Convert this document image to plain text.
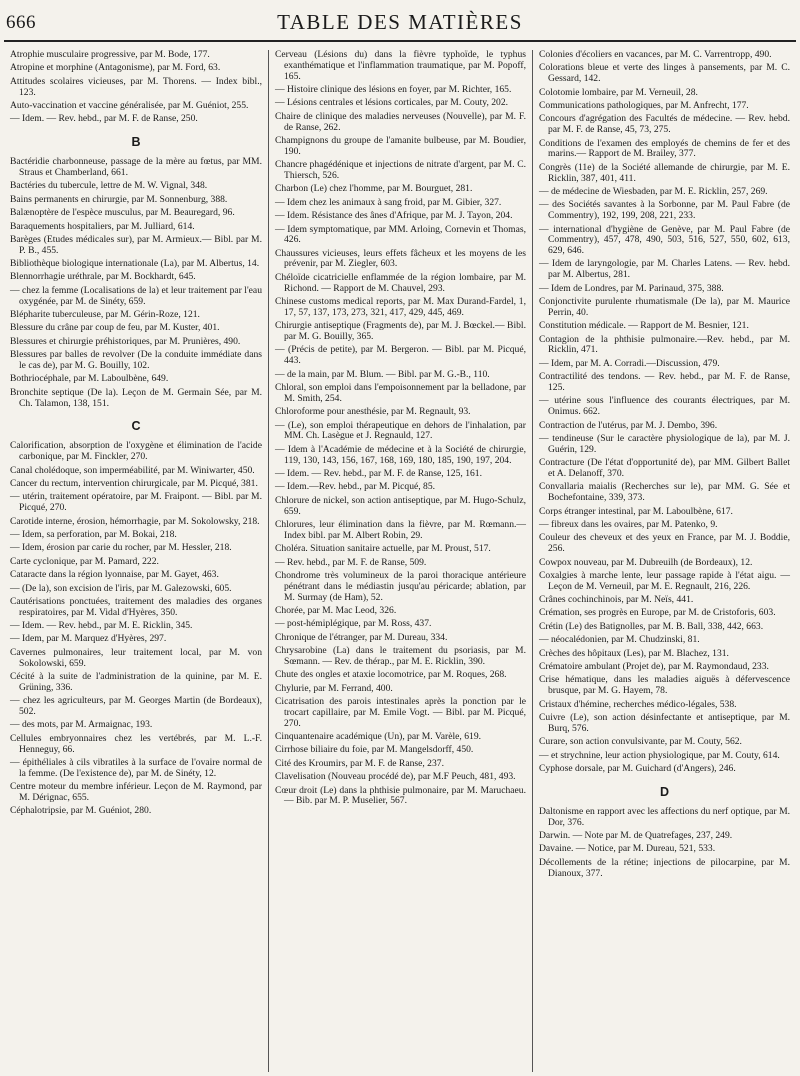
666	TABLE DES MATIÈRES
Atrophie musculaire progressive, par M. Bode, 177.
Atropine et morphine (Antagonisme), par M. Ford, 63.
Attitudes scolaires vicieuses, par M. Thorens. — Index bibl., 123.
Auto-vaccination et vaccine généralisée, par M. Guéniot, 255.
— Idem. — Rev. hebd., par M. F. de Ranse, 250.
B
Bactéridie charbonneuse, passage de la mère au fœtus, par MM. Straus et Chamberland, 661.
Bactéries du tubercule, lettre de M. W. Vignal, 348.
Bains permanents en chirurgie, par M. Sonnenburg, 388.
Balænoptère de l'espèce musculus, par M. Beauregard, 96.
Baraquements hospitaliers, par M. Julliard, 614.
Barèges (Etudes médicales sur), par M. Armieux.— Bibl. par M. P. B., 455.
Bibliothèque biologique internationale (La), par M. Albertus, 14.
Blennorrhagie uréthrale, par M. Bockhardt, 645.
— chez la femme (Localisations de la) et leur traitement par l'eau oxygénée, par M. de Sinéty, 659.
Blépharite tuberculeuse, par M. Gérin-Roze, 121.
Blessure du crâne par coup de feu, par M. Kuster, 401.
Blessures et chirurgie préhistoriques, par M. Prunières, 490.
Blessures par balles de revolver (De la conduite immédiate dans le cas de), par M. G. Bouilly, 102.
Bothriocéphale, par M. Laboulbène, 649.
Bronchite septique (De la). Leçon de M. Germain Sée, par M. Ch. Talamon, 138, 151.
C
Calorification, absorption de l'oxygène et élimination de l'acide carbonique, par M. Finckler, 270.
Canal cholédoque, son imperméabilité, par M. Winiwarter, 450.
Cancer du rectum, intervention chirurgicale, par M. Picqué, 381.
— utérin, traitement opératoire, par M. Fraipont. — Bibl. par M. Picqué, 270.
Carotide interne, érosion, hémorrhagie, par M. Sokolowsky, 218.
— Idem, sa perforation, par M. Bokai, 218.
— Idem, érosion par carie du rocher, par M. Hessler, 218.
Carte cyclonique, par M. Pamard, 222.
Cataracte dans la région lyonnaise, par M. Gayet, 463.
— (De la), son excision de l'iris, par M. Galezowski, 605.
Cautérisations ponctuées, traitement des maladies des organes respiratoires, par M. Vidal d'Hyères, 350.
— Idem. — Rev. hebd., par M. E. Ricklin, 345.
— Idem, par M. Marquez d'Hyères, 297.
Cavernes pulmonaires, leur traitement local, par M. von Sokolowski, 659.
Cécité à la suite de l'administration de la quinine, par M. E. Grüning, 336.
— chez les agriculteurs, par M. Georges Martin (de Bordeaux), 502.
— des mots, par M. Armaignac, 193.
Cellules embryonnaires chez les vertébrés, par M. L.-F. Henneguy, 66.
— épithéliales à cils vibratiles à la surface de l'ovaire normal de la femme. (De l'existence de), par M. de Sinéty, 12.
Centre moteur du membre inférieur. Leçon de M. Raymond, par M. Dérignac, 655.
Céphalotripsie, par M. Guéniot, 280.
Cerveau (Lésions du) dans la fièvre typhoïde, le typhus exanthématique et l'inflammation traumatique, par M. Popoff, 165.
— Histoire clinique des lésions en foyer, par M. Richter, 165.
— Lésions centrales et lésions corticales, par M. Couty, 202.
Chaire de clinique des maladies nerveuses (Nouvelle), par M. F. de Ranse, 262.
Champignons du groupe de l'amanite bulbeuse, par M. Boudier, 190.
Chancre phagédénique et injections de nitrate d'argent, par M. C. Thiersch, 526.
Charbon (Le) chez l'homme, par M. Bourguet, 281.
— Idem chez les animaux à sang froid, par M. Gibier, 327.
— Idem. Résistance des ânes d'Afrique, par M. J. Tayon, 204.
— Idem symptomatique, par MM. Arloing, Cornevin et Thomas, 426.
Chaussures vicieuses, leurs effets fâcheux et les moyens de les prévenir, par M. Ziegler, 603.
Chéloïde cicatricielle enflammée de la région lombaire, par M. Richond. — Rapport de M. Chauvel, 293.
Chinese customs medical reports, par M. Max Durand-Fardel, 1, 17, 57, 137, 173, 273, 321, 417, 429, 445, 469.
Chirurgie antiseptique (Fragments de), par M. J. Bœckel.— Bibl. par M. G. Bouilly, 365.
— (Précis de petite), par M. Bergeron. — Bibl. par M. Picqué, 443.
— de la main, par M. Blum. — Bibl. par M. G.-B., 110.
Chloral, son emploi dans l'empoisonnement par la belladone, par M. Smith, 254.
Chloroforme pour anesthésie, par M. Regnault, 93.
— (Le), son emploi thérapeutique en dehors de l'inhalation, par MM. Ch. Lasègue et J. Regnauld, 127.
— Idem à l'Académie de médecine et à la Société de chirurgie, 119, 130, 143, 156, 167, 168, 169, 180, 185, 190, 197, 204.
— Idem. — Rev. hebd., par M. F. de Ranse, 125, 161.
— Idem.—Rev. hebd., par M. Picqué, 85.
Chlorure de nickel, son action antiseptique, par M. Hugo-Schulz, 659.
Chlorures, leur élimination dans la fièvre, par M. Rœmann.— Index bibl. par M. Albert Robin, 29.
Choléra. Situation sanitaire actuelle, par M. Proust, 517.
— Rev. hebd., par M. F. de Ranse, 509.
Chondrome très volumineux de la paroi thoracique antérieure pénétrant dans le médiastin jusqu'au péricarde; ablation, par M. Surmay (de Ham), 52.
Chorée, par M. Mac Leod, 326.
— post-hémiplégique, par M. Ross, 437.
Chronique de l'étranger, par M. Dureau, 334.
Chrysarobine (La) dans le traitement du psoriasis, par M. Sœmann. — Rev. de thérap., par M. E. Ricklin, 390.
Chute des ongles et ataxie locomotrice, par M. Roques, 268.
Chylurie, par M. Ferrand, 400.
Cicatrisation des parois intestinales après la ponction par le trocart capillaire, par M. Emile Vogt. — Bibl. par M. Picqué, 270.
Cinquantenaire académique (Un), par M. Varèle, 619.
Cirrhose biliaire du foie, par M. Mangelsdorff, 450.
Cité des Kroumirs, par M. F. de Ranse, 237.
Clavelisation (Nouveau procédé de), par M.F Peuch, 481, 493.
Cœur droit (Le) dans la phthisie pulmonaire, par M. Maruchaeu. — Bib. par M. P. Muselier, 567.
Colonies d'écoliers en vacances, par M. C. Varrentropp, 490.
Colorations bleue et verte des linges à pansements, par M. C. Gessard, 142.
Colotomie lombaire, par M. Verneuil, 28.
Communications pathologiques, par M. Anfrecht, 177.
Concours d'agrégation des Facultés de médecine. — Rev. hebd. par M. F. de Ranse, 45, 73, 275.
Conditions de l'examen des employés de chemins de fer et des marins.— Rapport de M. Brailey, 377.
Congrès (11e) de la Société allemande de chirurgie, par M. E. Ricklin, 387, 401, 411.
— de médecine de Wiesbaden, par M. E. Ricklin, 257, 269.
— des Sociétés savantes à la Sorbonne, par M. Paul Fabre (de Commentry), 192, 199, 208, 221, 233.
— international d'hygiène de Genève, par M. Paul Fabre (de Commentry), 457, 478, 490, 503, 516, 527, 550, 602, 613, 629, 646.
— Idem de laryngologie, par M. Charles Latens. — Rev. hebd. par M. Albertus, 281.
— Idem de Londres, par M. Parinaud, 375, 388.
Conjonctivite purulente rhumatismale (De la), par M. Maurice Perrin, 40.
Constitution médicale. — Rapport de M. Besnier, 121.
Contagion de la phthisie pulmonaire.—Rev. hebd., par M. Ricklin, 471.
— Idem, par M. A. Corradi.—Discussion, 479.
Contractilité des tendons. — Rev. hebd., par M. F. de Ranse, 125.
— utérine sous l'influence des courants électriques, par M. Onimus. 662.
Contraction de l'utérus, par M. J. Dembo, 396.
— tendineuse (Sur le caractère physiologique de la), par M. J. Guérin, 129.
Contracture (De l'état d'opportunité de), par MM. Gilbert Ballet et A. Delanoff, 370.
Convallaria maialis (Recherches sur le), par MM. G. Sée et Bochefontaine, 339, 373.
Corps étranger intestinal, par M. Laboulbène, 617.
— fibreux dans les ovaires, par M. Patenko, 9.
Couleur des cheveux et des yeux en France, par M. J. Boddie, 256.
Cowpox nouveau, par M. Dubreuilh (de Bordeaux), 12.
Coxalgies à marche lente, leur passage rapide à l'état aigu. — Leçon de M. Verneuil, par M. E. Regnault, 216, 226.
Crânes cochinchinois, par M. Neïs, 441.
Crémation, ses progrès en Europe, par M. de Cristoforis, 603.
Crétin (Le) des Batignolles, par M. B. Ball, 338, 442, 663.
— néocalédonien, par M. Chudzinski, 81.
Crèches des hôpitaux (Les), par M. Blachez, 131.
Crématoire ambulant (Projet de), par M. Raymondaud, 233.
Crise hématique, dans les maladies aiguës à défervescence brusque, par M. G. Hayem, 78.
Cristaux d'hémine, recherches médico-légales, 538.
Cuivre (Le), son action désinfectante et antiseptique, par M. Burq, 576.
Curare, son action convulsivante, par M. Couty, 562.
— et strychnine, leur action physiologique, par M. Couty, 614.
Cyphose dorsale, par M. Guichard (d'Angers), 246.
D
Daltonisme en rapport avec les affections du nerf optique, par M. Dor, 376.
Darwin. — Note par M. de Quatrefages, 237, 249.
Davaine. — Notice, par M. Dureau, 521, 533.
Décollements de la rétine; injections de pilocarpine, par M. Dianoux, 377.
